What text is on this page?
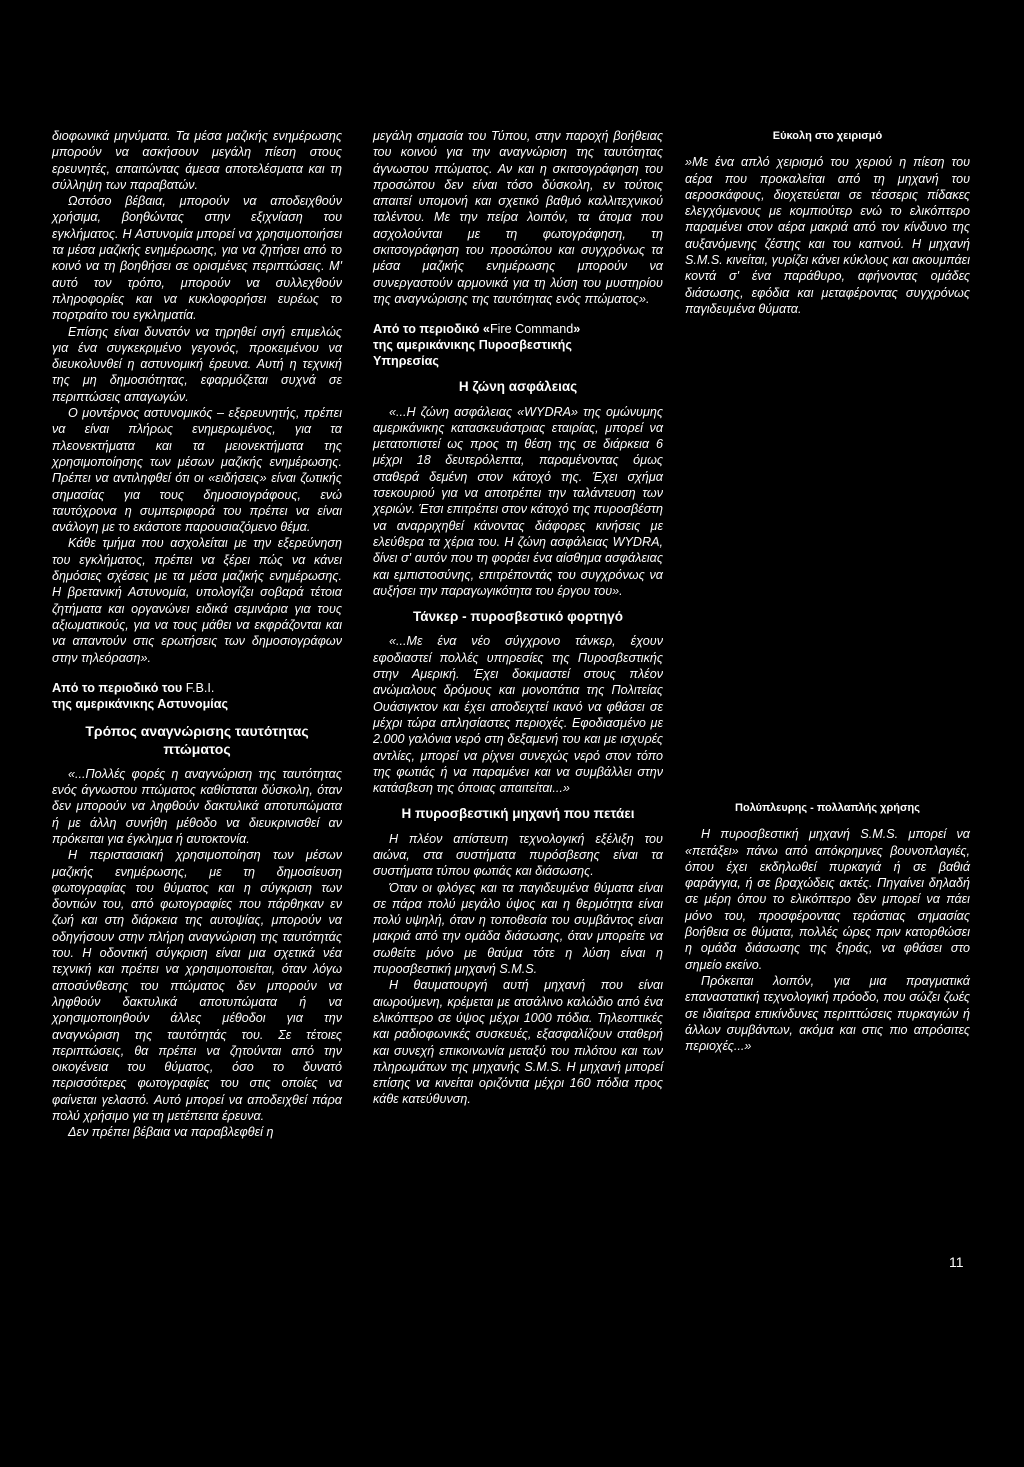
διοφωνικά μηνύματα. Τα μέσα μαζικής ενημέρωσης μπορούν να ασκήσουν μεγάλη πίεση στους ερευνητές, απαιτώντας άμεσα αποτελέσματα και τη σύλληψη των παραβατών.

Ωστόσο βέβαια, μπορούν να αποδειχθούν χρήσιμα, βοηθώντας στην εξιχνίαση του εγκλήματος. Η Αστυνομία μπορεί να χρησιμοποιήσει τα μέσα μαζικής ενημέρωσης, για να ζητήσει από το κοινό να τη βοηθήσει σε ορισμένες περιπτώσεις. Μ' αυτό τον τρόπο, μπορούν να συλλεχθούν πληροφορίες και να κυκλοφορήσει ευρέως το πορτραίτο του εγκληματία.

Επίσης είναι δυνατόν να τηρηθεί σιγή επιμελώς για ένα συγκεκριμένο γεγονός, προκειμένου να διευκολυνθεί η αστυνομική έρευνα. Αυτή η τεχνική της μη δημοσιότητας, εφαρμόζεται συχνά σε περιπτώσεις απαγωγών.

Ο μοντέρνος αστυνομικός – εξερευνητής, πρέπει να είναι πλήρως ενημερωμένος, για τα πλεονεκτήματα και τα μειονεκτήματα της χρησιμοποίησης των μέσων μαζικής ενημέρωσης. Πρέπει να αντιληφθεί ότι οι «ειδήσεις» είναι ζωτικής σημασίας για τους δημοσιογράφους, ενώ ταυτόχρονα η συμπεριφορά του πρέπει να είναι ανάλογη με το εκάστοτε παρουσιαζόμενο θέμα.

Κάθε τμήμα που ασχολείται με την εξερεύνηση του εγκλήματος, πρέπει να ξέρει πώς να κάνει δημόσιες σχέσεις με τα μέσα μαζικής ενημέρωσης. Η βρετανική Αστυνομία, υπολογίζει σοβαρά τέτοια ζητήματα και οργανώνει ειδικά σεμινάρια για τους αξιωματικούς, για να τους μάθει να εκφράζονται και να απαντούν στις ερωτήσεις των δημοσιογράφων στην τηλεόραση».

Από το περιοδικό του F.B.I.
της αμερικάνικης Αστυνομίας
Τρόπος αναγνώρισης ταυτότητας πτώματος

«...Πολλές φορές η αναγνώριση της ταυτότητας ενός άγνωστου πτώματος καθίσταται δύσκολη, όταν δεν μπορούν να ληφθούν δακτυλικά αποτυπώματα ή με άλλη συνήθη μέθοδο να διευκρινισθεί αν πρόκειται για έγκλημα ή αυτοκτονία.

Η περιστασιακή χρησιμοποίηση των μέσων μαζικής ενημέρωσης, με τη δημοσίευση φωτογραφίας του θύματος και η σύγκριση των δοντιών του, από φωτογραφίες που πάρθηκαν εν ζωή και στη διάρκεια της αυτοψίας, μπορούν να οδηγήσουν στην πλήρη αναγνώριση της ταυτότητάς του. Η οδοντική σύγκριση είναι μια σχετικά νέα τεχνική και πρέπει να χρησιμοποιείται, όταν λόγω αποσύνθεσης του πτώματος δεν μπορούν να ληφθούν δακτυλικά αποτυπώματα ή να χρησιμοποιηθούν άλλες μέθοδοι για την αναγνώριση της ταυτότητάς του. Σε τέτοιες περιπτώσεις, θα πρέπει να ζητούνται από την οικογένεια του θύματος, όσο το δυνατό περισσότερες φωτογραφίες του στις οποίες να φαίνεται γελαστό. Αυτό μπορεί να αποδειχθεί πάρα πολύ χρήσιμο για τη μετέπειτα έρευνα.

Δεν πρέπει βέβαια να παραβλεφθεί η

μεγάλη σημασία του Τύπου, στην παροχή βοήθειας του κοινού για την αναγνώριση της ταυτότητας άγνωστου πτώματος. Αν και η σκιτσογράφηση του προσώπου δεν είναι τόσο δύσκολη, εν τούτοις απαιτεί υπομονή και σχετικό βαθμό καλλιτεχνικού ταλέντου. Με την πείρα λοιπόν, τα άτομα που ασχολούνται με τη φωτογράφηση, τη σκιτσογράφηση του προσώπου και συγχρόνως τα μέσα μαζικής ενημέρωσης μπορούν να συνεργαστούν αρμονικά για τη λύση του μυστηρίου της αναγνώρισης της ταυτότητας ενός πτώματος».

Από το περιοδικό «Fire Command»
της αμερικάνικης Πυροσβεστικής
Υπηρεσίας
Η ζώνη ασφάλειας

«...Η ζώνη ασφάλειας «WYDRA» της ομώνυμης αμερικάνικης κατασκευάστριας εταιρίας, μπορεί να μετατοπιστεί ως προς τη θέση της σε διάρκεια 6 μέχρι 18 δευτερόλεπτα, παραμένοντας όμως σταθερά δεμένη στον κάτοχό της. Έχει σχήμα τσεκουριού για να αποτρέπει την ταλάντευση των χεριών. Έτσι επιτρέπει στον κάτοχό της πυροσβέστη να αναρριχηθεί κάνοντας διάφορες κινήσεις με ελεύθερα τα χέρια του. Η ζώνη ασφάλειας WYDRA, δίνει σ' αυτόν που τη φοράει ένα αίσθημα ασφάλειας και εμπιστοσύνης, επιτρέποντάς του συγχρόνως να αυξήσει την παραγωγικότητα του έργου του».

Τάνκερ - πυροσβεστικό φορτηγό

«...Με ένα νέο σύγχρονο τάνκερ, έχουν εφοδιαστεί πολλές υπηρεσίες της Πυροσβεστικής στην Αμερική. Έχει δοκιμαστεί στους πλέον ανώμαλους δρόμους και μονοπάτια της Πολιτείας Ουάσιγκτον και έχει αποδειχτεί ικανό να φθάσει σε μέχρι τώρα απλησίαστες περιοχές. Εφοδιασμένο με 2.000 γαλόνια νερό στη δεξαμενή του και με ισχυρές αντλίες, μπορεί να ρίχνει συνεχώς νερό στον τόπο της φωτιάς ή να παραμένει και να συμβάλλει στην κατάσβεση της όποιας απαιτείται...»

Η πυροσβεστική μηχανή που πετάει

Η πλέον απίστευτη τεχνολογική εξέλιξη του αιώνα, στα συστήματα πυρόσβεσης είναι τα συστήματα τύπου φωτιάς και διάσωσης.

Όταν οι φλόγες και τα παγιδευμένα θύματα είναι σε πάρα πολύ μεγάλο ύψος και η θερμότητα είναι πολύ υψηλή, όταν η τοποθεσία του συμβάντος είναι μακριά από την ομάδα διάσωσης, όταν μπορείτε να σωθείτε μόνο με θαύμα τότε η λύση είναι η πυροσβεστική μηχανή S.M.S.

Η θαυματουργή αυτή μηχανή που είναι αιωρούμενη, κρέμεται με ατσάλινο καλώδιο από ένα ελικόπτερο σε ύψος μέχρι 1000 πόδια. Τηλεοπτικές και ραδιοφωνικές συσκευές, εξασφαλίζουν σταθερή και συνεχή επικοινωνία μεταξύ του πιλότου και των πληρωμάτων της μηχανής S.M.S. Η μηχανή μπορεί επίσης να κινείται οριζόντια μέχρι 160 πόδια προς κάθε κατεύθυνση.

Εύκολη στο χειρισμό

»Με ένα απλό χειρισμό του χεριού η πίεση του αέρα που προκαλείται από τη μηχανή του αεροσκάφους, διοχετεύεται σε τέσσερις πίδακες ελεγχόμενους με κομπιούτερ ενώ το ελικόπτερο παραμένει στον αέρα μακριά από τον κίνδυνο της αυξανόμενης ζέστης και του καπνού. Η μηχανή S.M.S. κινείται, γυρίζει κάνει κύκλους και ακουμπάει κοντά σ' ένα παράθυρο, αφήνοντας ομάδες διάσωσης, εφόδια και μεταφέροντας συγχρόνως παγιδευμένα θύματα.

Πολύπλευρης - πολλαπλής χρήσης

Η πυροσβεστική μηχανή S.M.S. μπορεί να «πετάξει» πάνω από απόκρημνες βουνοπλαγιές, όπου έχει εκδηλωθεί πυρκαγιά ή σε βαθιά φαράγγια, ή σε βραχώδεις ακτές. Πηγαίνει δηλαδή σε μέρη όπου το ελικόπτερο δεν μπορεί να πάει μόνο του, προσφέροντας τεράστιας σημασίας βοήθεια σε θύματα, πολλές ώρες πριν κατορθώσει η ομάδα διάσωσης της ξηράς, να φθάσει στο σημείο εκείνο.

Πρόκειται λοιπόν, για μια πραγματικά επαναστατική τεχνολογική πρόοδο, που σώζει ζωές σε ιδιαίτερα επικίνδυνες περιπτώσεις πυρκαγιών ή άλλων συμβάντων, ακόμα και στις πιο απρόσιτες περιοχές...»

11
